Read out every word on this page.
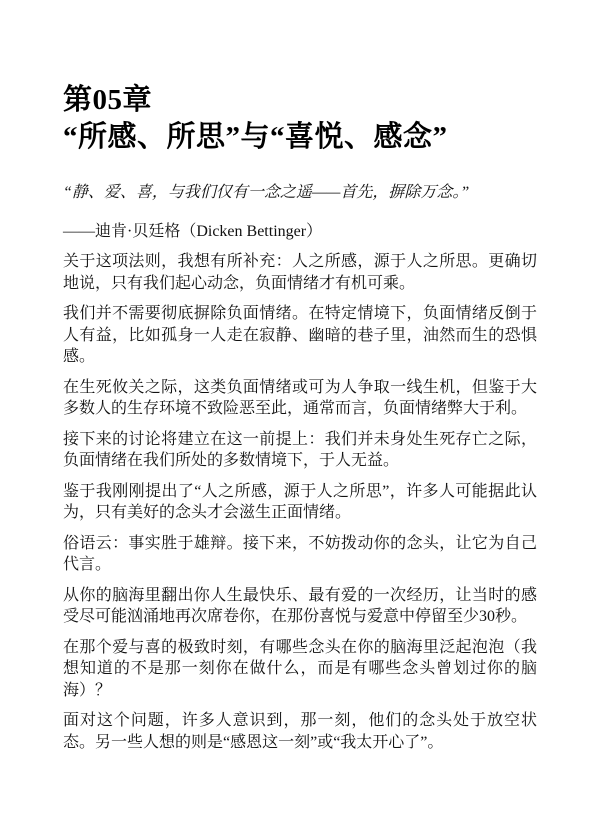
第05章
“所感、所思”与“喜悦、感念”

“静、爱、喜，与我们仅有一念之遥——首先，摒除万念。”

——迪肯·贝廷格（Dicken Bettinger）

关于这项法则，我想有所补充：人之所感，源于人之所思。更确切地说，只有我们起心动念，负面情绪才有机可乘。

我们并不需要彻底摒除负面情绪。在特定情境下，负面情绪反倒于人有益，比如孤身一人走在寂静、幽暗的巷子里，油然而生的恐惧感。

在生死攸关之际，这类负面情绪或可为人争取一线生机，但鉴于大多数人的生存环境不致险恶至此，通常而言，负面情绪弊大于利。

接下来的讨论将建立在这一前提上：我们并未身处生死存亡之际，负面情绪在我们所处的多数情境下，于人无益。

鉴于我刚刚提出了“人之所感，源于人之所思”，许多人可能据此认为，只有美好的念头才会滋生正面情绪。

俗语云：事实胜于雄辩。接下来，不妨拨动你的念头，让它为自己代言。

从你的脑海里翻出你人生最快乐、最有爱的一次经历，让当时的感受尽可能汹涌地再次席卷你，在那份喜悦与爱意中停留至少30秒。

在那个爱与喜的极致时刻，有哪些念头在你的脑海里泛起泡泡（我想知道的不是那一刻你在做什么，而是有哪些念头曾划过你的脑海）？

面对这个问题，许多人意识到，那一刻，他们的念头处于放空状态。另一些人想的则是“感恩这一刻”或“我太开心了”。
